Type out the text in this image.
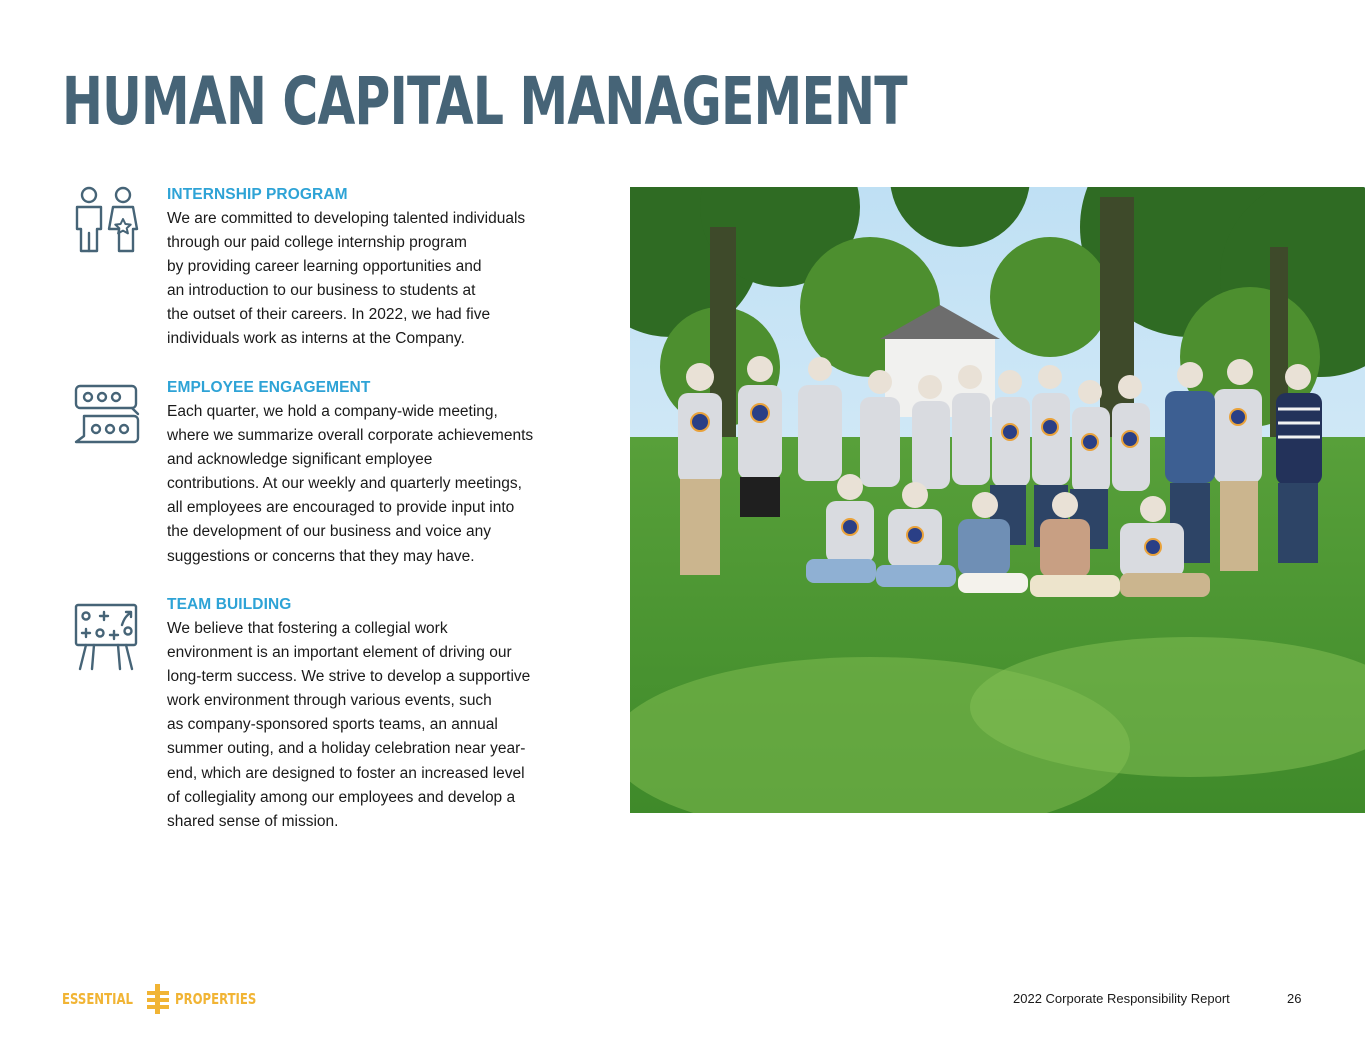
HUMAN CAPITAL MANAGEMENT
INTERNSHIP PROGRAM

We are committed to developing talented individuals
through our paid college internship program
by providing career learning opportunities and
an introduction to our business to students at
the outset of their careers. In 2022, we had five
individuals work as interns at the Company.

EMPLOYEE ENGAGEMENT

Each quarter, we hold a company-wide meeting,
where we summarize overall corporate achievements
and acknowledge significant employee
contributions. At our weekly and quarterly meetings,
all employees are encouraged to provide input into
the development of our business and voice any
suggestions or concerns that they may have.

TEAM BUILDING

We believe that fostering a collegial work
environment is an important element of driving our
long-term success. We strive to develop a supportive
work environment through various events, such
as company-sponsored sports teams, an annual
summer outing, and a holiday celebration near year-
end, which are designed to foster an increased level
of collegiality among our employees and develop a
shared sense of mission.

ESSENTIAL	PROPERTIES	2022 Corporate Responsibility Report	26
